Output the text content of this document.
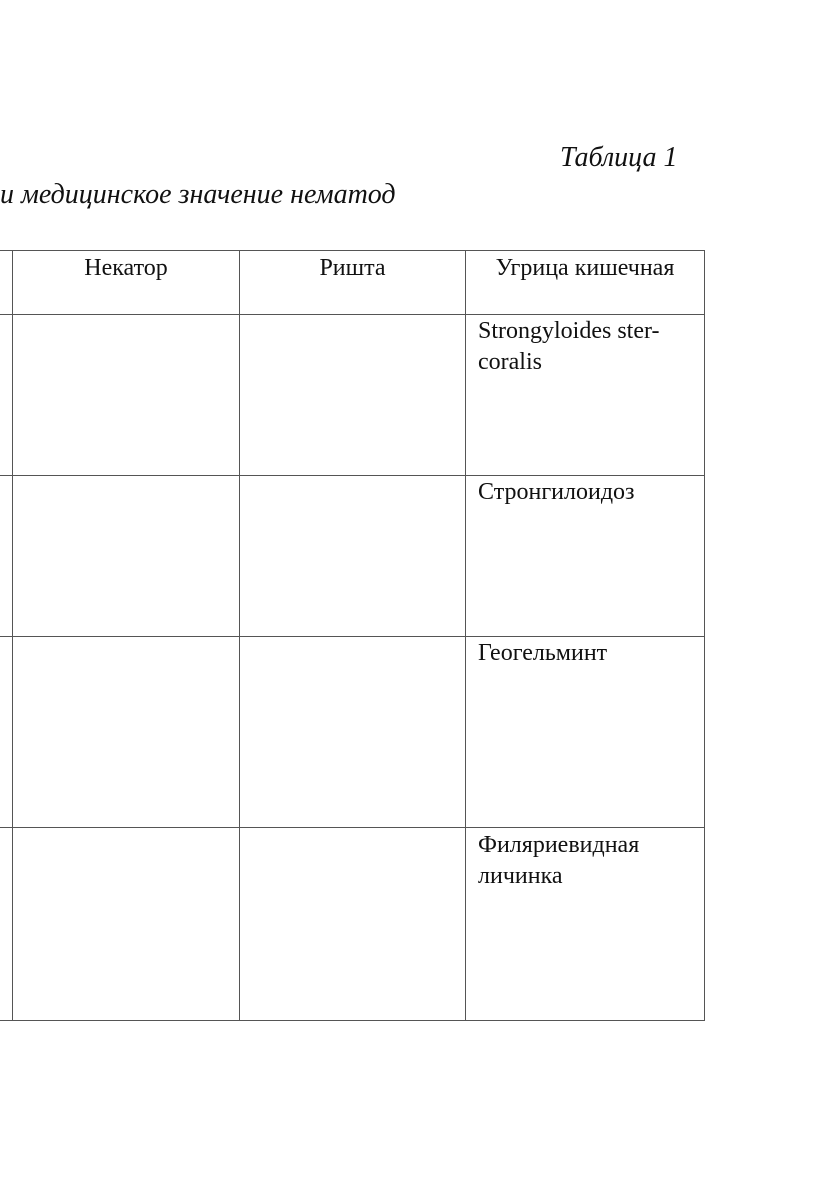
Таблица 1
и медицинское значение нематод
Некатор	Ришта	Угрица кишечная
Strongyloides ster-
coralis
Стронгилоидоз
Геогельминт
Филяриевидная
личинка
